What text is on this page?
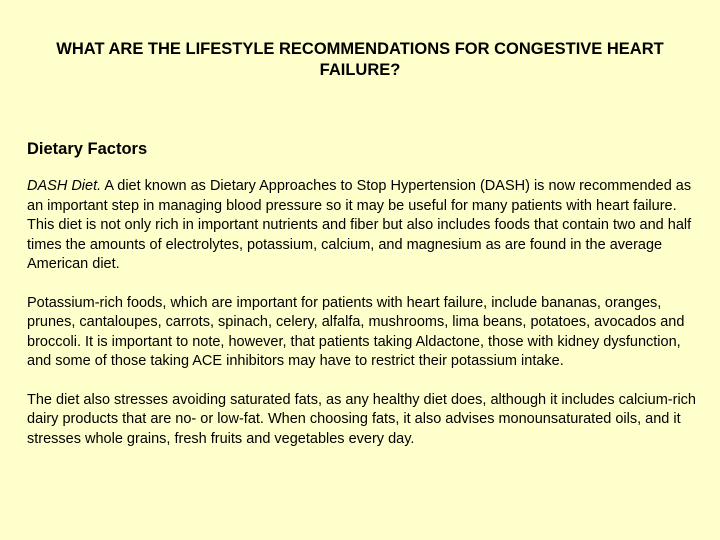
WHAT ARE THE LIFESTYLE RECOMMENDATIONS FOR CONGESTIVE HEART FAILURE?
Dietary Factors

DASH Diet. A diet known as Dietary Approaches to Stop Hypertension (DASH) is now recommended as an important step in managing blood pressure so it may be useful for many patients with heart failure. This diet is not only rich in important nutrients and fiber but also includes foods that contain two and half times the amounts of electrolytes, potassium, calcium, and magnesium as are found in the average American diet.

Potassium-rich foods, which are important for patients with heart failure, include bananas, oranges, prunes, cantaloupes, carrots, spinach, celery, alfalfa, mushrooms, lima beans, potatoes, avocados and broccoli. It is important to note, however, that patients taking Aldactone, those with kidney dysfunction, and some of those taking ACE inhibitors may have to restrict their potassium intake.

The diet also stresses avoiding saturated fats, as any healthy diet does, although it includes calcium-rich dairy products that are no- or low-fat. When choosing fats, it also advises monounsaturated oils, and it stresses whole grains, fresh fruits and vegetables every day.
